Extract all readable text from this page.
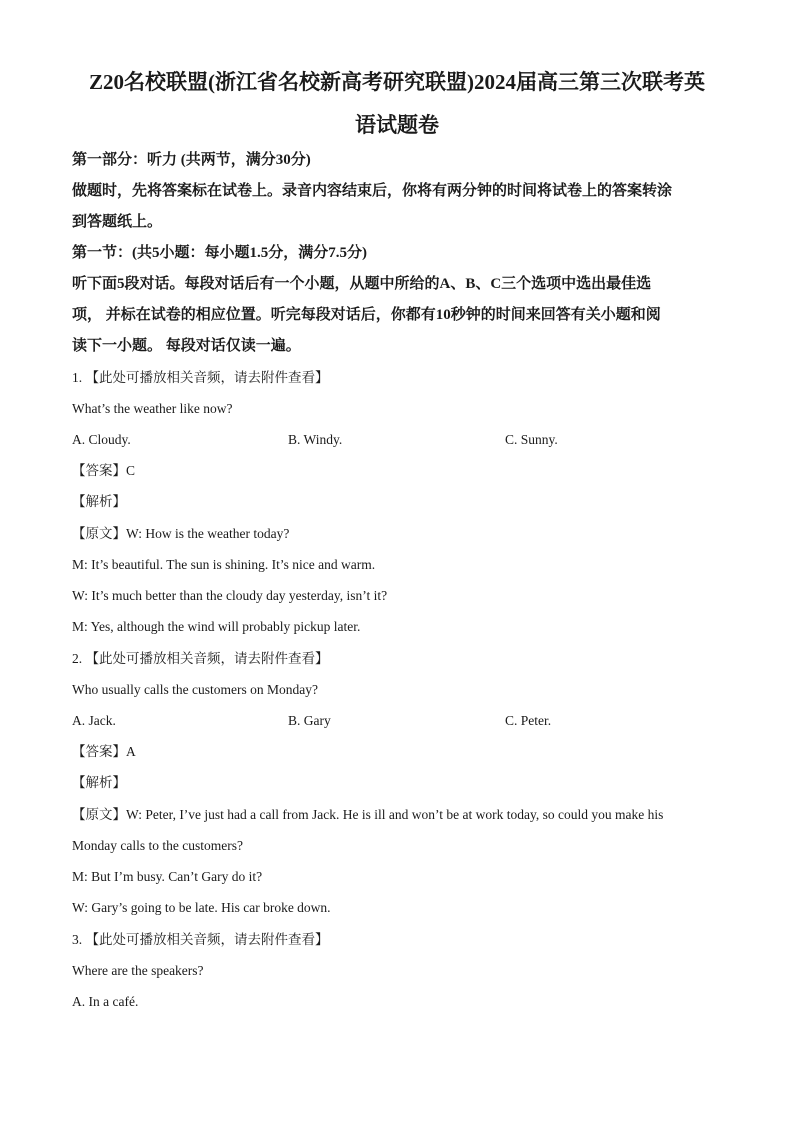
Z20名校联盟(浙江省名校新高考研究联盟)2024届高三第三次联考英
语试题卷
第一部分：听力 (共两节，满分30分)
做题时，先将答案标在试卷上。录音内容结束后，你将有两分钟的时间将试卷上的答案转涂
到答题纸上。
第一节：(共5小题：每小题1.5分，满分7.5分)
听下面5段对话。每段对话后有一个小题，从题中所给的A、B、C三个选项中选出最佳选
项， 并标在试卷的相应位置。听完每段对话后，你都有10秒钟的时间来回答有关小题和阅
读下一小题。 每段对话仅读一遍。
1. 【此处可播放相关音频，请去附件查看】
What’s the weather like now?
A. Cloudy.	B. Windy.	C. Sunny.
【答案】C
【解析】
【原文】W: How is the weather today?
M: It’s beautiful. The sun is shining. It’s nice and warm.
W: It’s much better than the cloudy day yesterday, isn’t it?
M: Yes, although the wind will probably pickup later.
2. 【此处可播放相关音频，请去附件查看】
Who usually calls the customers on Monday?
A. Jack.	B. Gary	C. Peter.
【答案】A
【解析】
【原文】W: Peter, I’ve just had a call from Jack. He is ill and won’t be at work today, so could you make his
Monday calls to the customers?
M: But I’m busy. Can’t Gary do it?
W: Gary’s going to be late. His car broke down.
3. 【此处可播放相关音频，请去附件查看】
Where are the speakers?
A. In a café.
